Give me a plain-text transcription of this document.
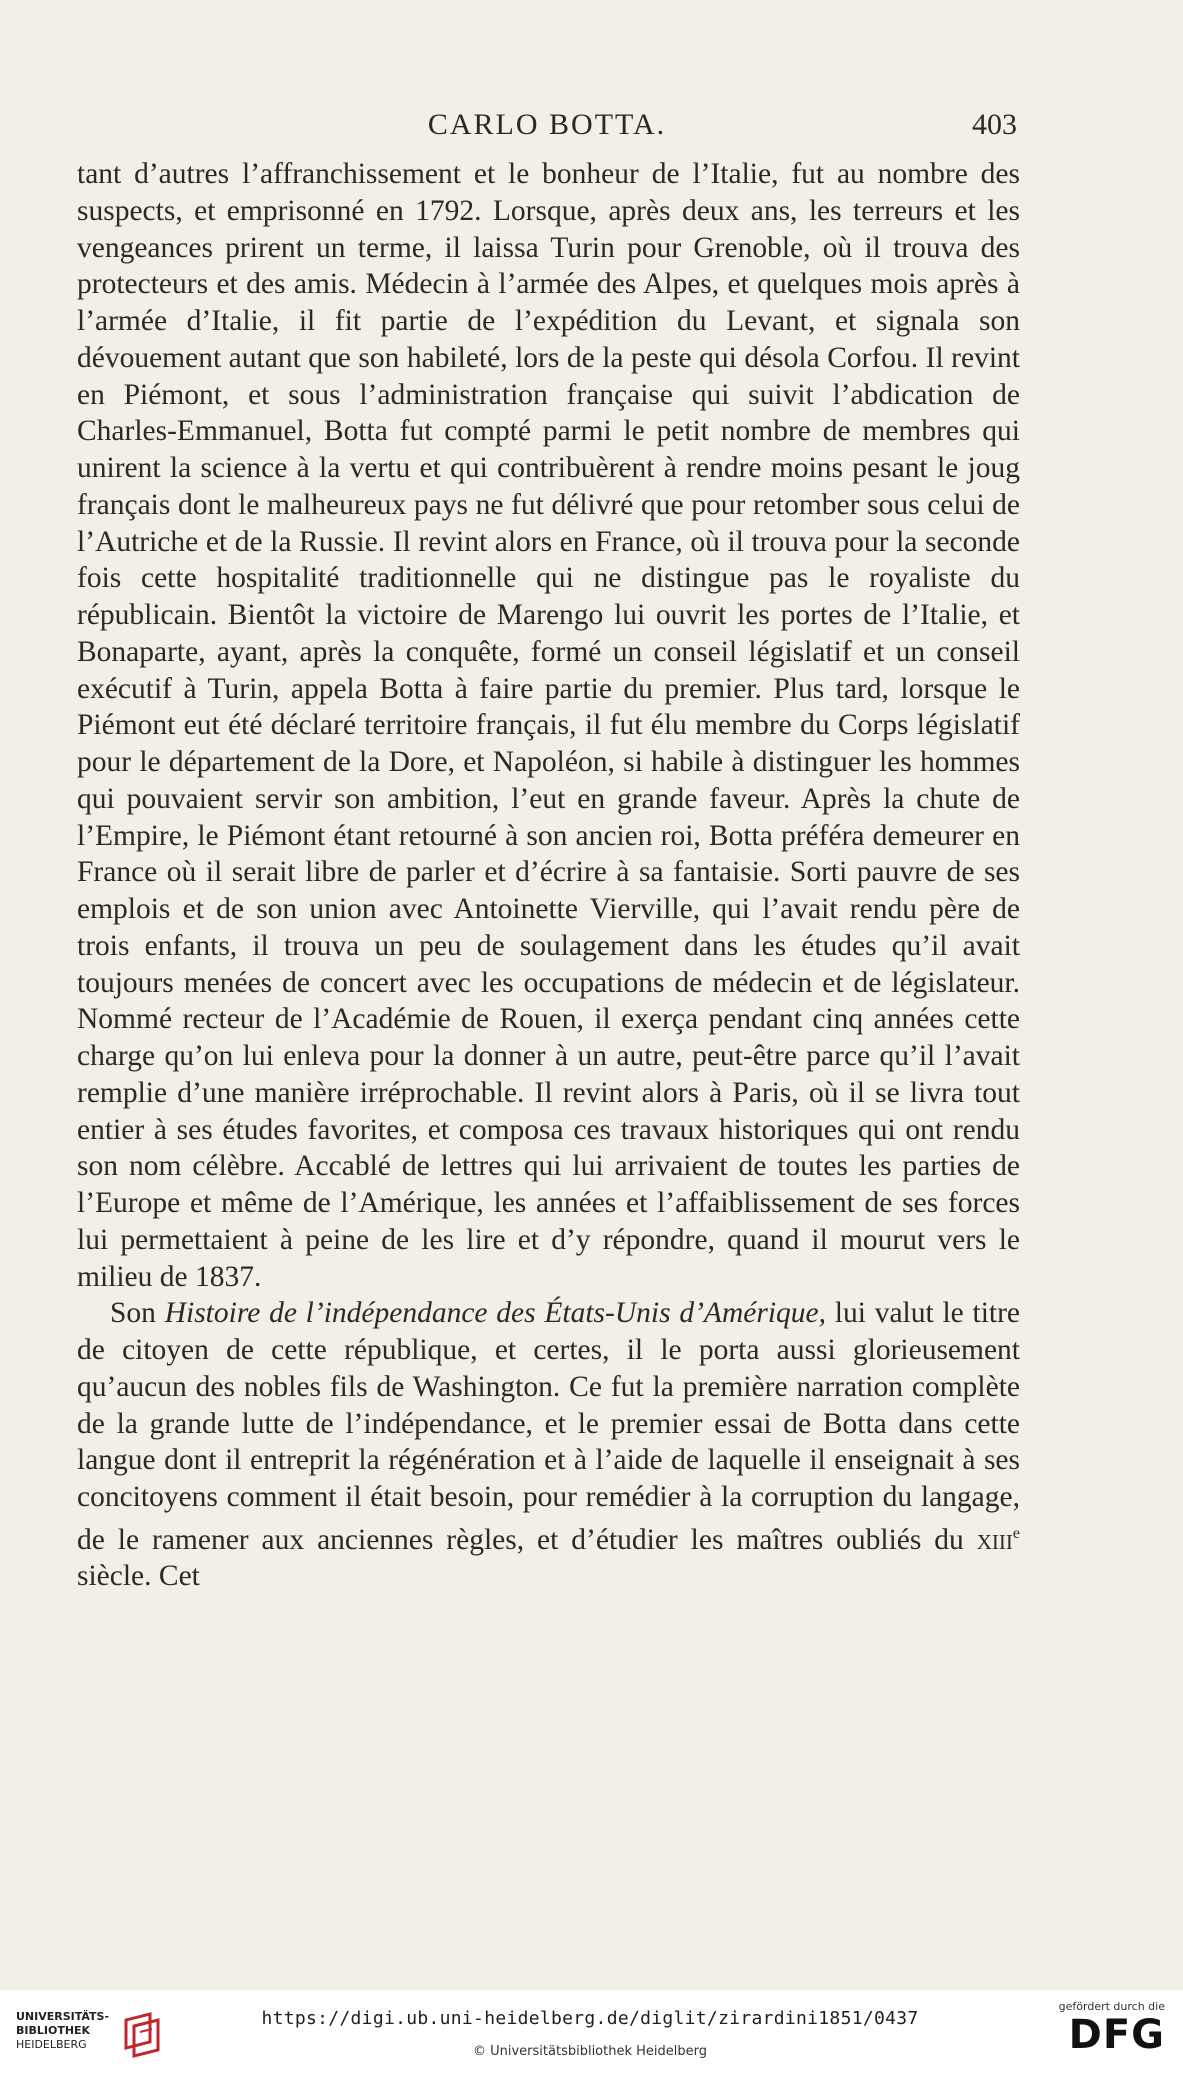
CARLO BOTTA.	403

tant d’autres l’affranchissement et le bonheur de l’Italie, fut au nombre des suspects, et emprisonné en 1792. Lorsque, après deux ans, les terreurs et les vengeances prirent un terme, il laissa Turin pour Grenoble, où il trouva des protecteurs et des amis. Médecin à l’armée des Alpes, et quelques mois après à l’armée d’Italie, il fit partie de l’expédition du Levant, et signala son dévouement autant que son habileté, lors de la peste qui désola Corfou. Il revint en Piémont, et sous l’administration française qui suivit l’abdication de Charles-Emmanuel, Botta fut compté parmi le petit nombre de membres qui unirent la science à la vertu et qui contribuèrent à rendre moins pesant le joug français dont le malheureux pays ne fut délivré que pour retomber sous celui de l’Autriche et de la Russie. Il revint alors en France, où il trouva pour la seconde fois cette hospitalité traditionnelle qui ne distingue pas le royaliste du républicain. Bientôt la victoire de Marengo lui ouvrit les portes de l’Italie, et Bonaparte, ayant, après la conquête, formé un conseil législatif et un conseil exécutif à Turin, appela Botta à faire partie du premier. Plus tard, lorsque le Piémont eut été déclaré territoire français, il fut élu membre du Corps législatif pour le département de la Dore, et Napoléon, si habile à distinguer les hommes qui pouvaient servir son ambition, l’eut en grande faveur. Après la chute de l’Empire, le Piémont étant retourné à son ancien roi, Botta préféra demeurer en France où il serait libre de parler et d’écrire à sa fantaisie. Sorti pauvre de ses emplois et de son union avec Antoinette Vierville, qui l’avait rendu père de trois enfants, il trouva un peu de soulagement dans les études qu’il avait toujours menées de concert avec les occupations de médecin et de législateur. Nommé recteur de l’Académie de Rouen, il exerça pendant cinq années cette charge qu’on lui enleva pour la donner à un autre, peut-être parce qu’il l’avait remplie d’une manière irréprochable. Il revint alors à Paris, où il se livra tout entier à ses études favorites, et composa ces travaux historiques qui ont rendu son nom célèbre. Accablé de lettres qui lui arrivaient de toutes les parties de l’Europe et même de l’Amérique, les années et l’affaiblissement de ses forces lui permettaient à peine de les lire et d’y répondre, quand il mourut vers le milieu de 1837.

Son Histoire de l’indépendance des États-Unis d’Amérique, lui valut le titre de citoyen de cette république, et certes, il le porta aussi glorieusement qu’aucun des nobles fils de Washington. Ce fut la première narration complète de la grande lutte de l’indépendance, et le premier essai de Botta dans cette langue dont il entreprit la régénération et à l’aide de laquelle il enseignait à ses concitoyens comment il était besoin, pour remédier à la corruption du langage, de le ramener aux anciennes règles, et d’étudier les maîtres oubliés du xiii$^e$ siècle. Cet

UNIVERSITÄTS-
BIBLIOTHEK
HEIDELBERG
https://digi.ub.uni-heidelberg.de/diglit/zirardini1851/0437
© Universitätsbibliothek Heidelberg
gefördert durch die
DFG
